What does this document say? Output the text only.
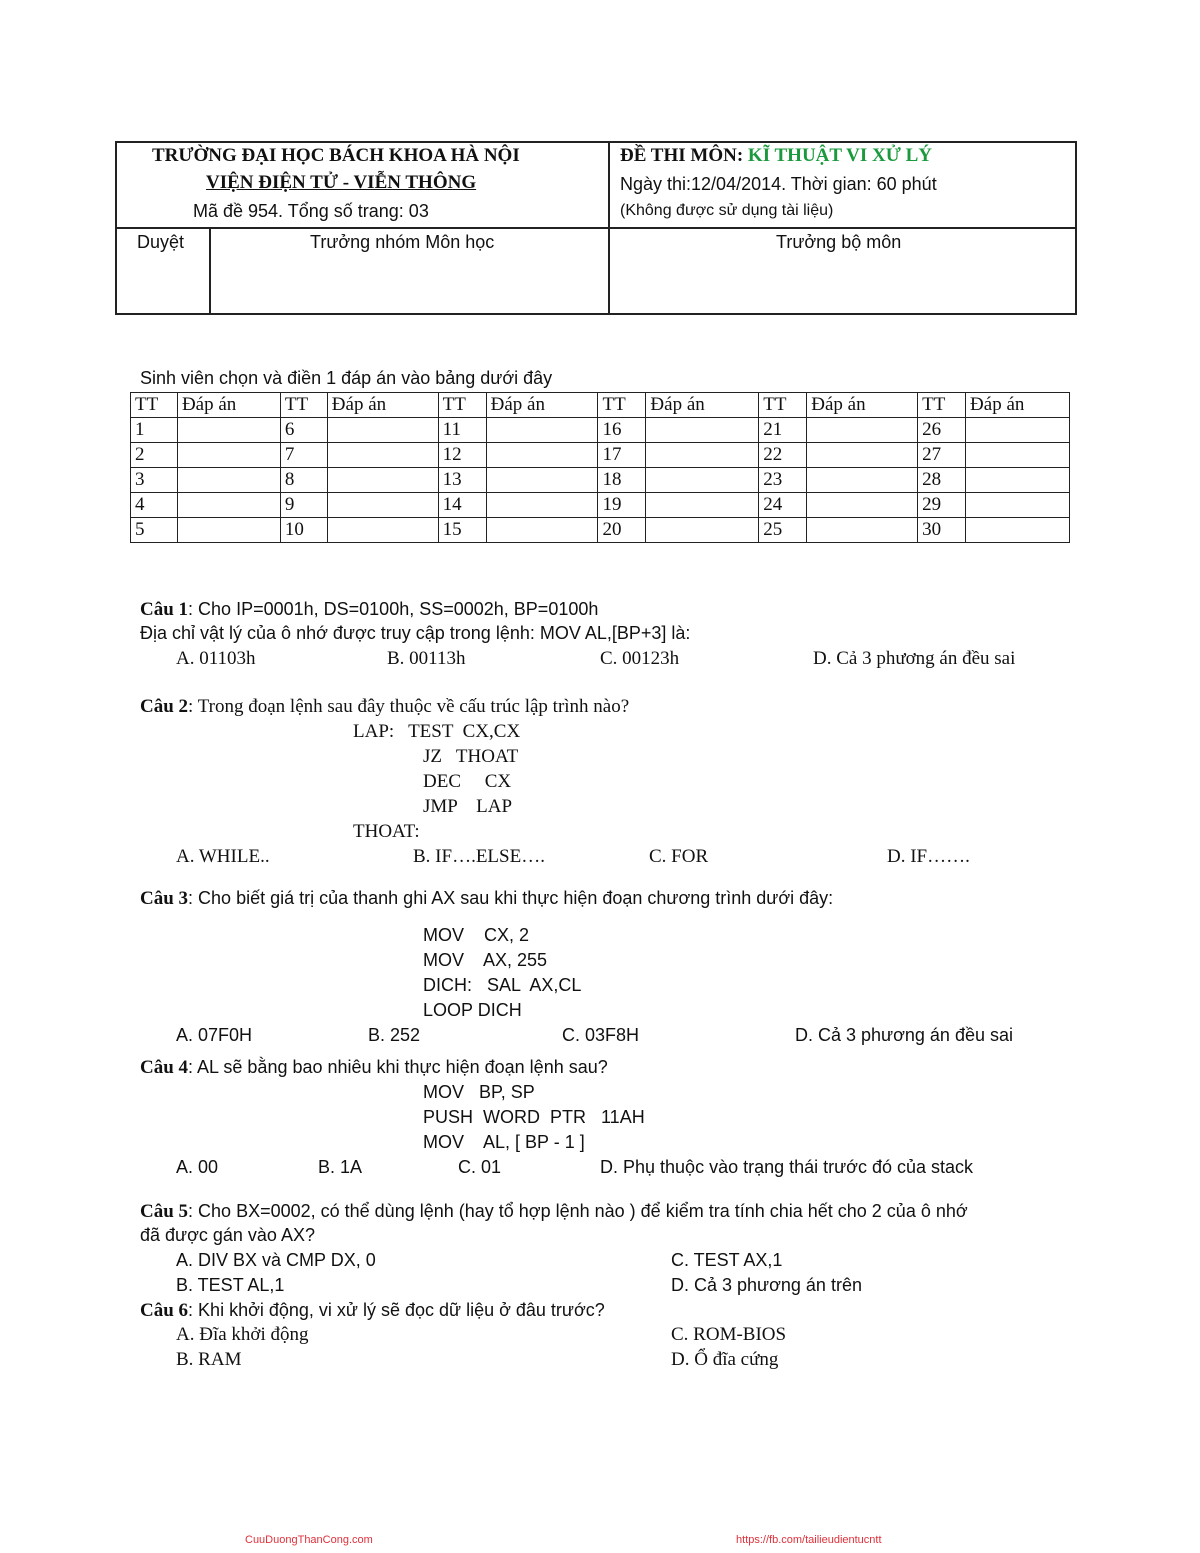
TRƯỜNG ĐẠI HỌC BÁCH KHOA HÀ NỘI
VIỆN ĐIỆN TỬ - VIỄN THÔNG
Mã đề 954. Tổng số trang: 03
ĐỀ THI MÔN: KĨ THUẬT VI XỬ LÝ
Ngày thi:12/04/2014. Thời gian: 60 phút
(Không được sử dụng tài liệu)
Duyệt	Trưởng nhóm Môn học	Trưởng bộ môn
Sinh viên chọn và điền 1 đáp án vào bảng dưới đây
TT	Đáp án	TT	Đáp án	TT	Đáp án	TT	Đáp án	TT	Đáp án	TT	Đáp án
1		6		11		16		21		26	
2		7		12		17		22		27	
3		8		13		18		23		28	
4		9		14		19		24		29	
5		10		15		20		25		30	
Câu 1: Cho IP=0001h, DS=0100h, SS=0002h, BP=0100h
Địa chỉ vật lý của ô nhớ được truy cập trong lệnh: MOV AL,[BP+3] là:
A. 01103h	B. 00113h	C. 00123h	D. Cả 3 phương án đều sai
Câu 2: Trong đoạn lệnh sau đây thuộc về cấu trúc lập trình nào?
LAP:   TEST  CX,CX
JZ   THOAT
DEC     CX
JMP    LAP
THOAT:
A. WHILE..	B. IF….ELSE….	C. FOR	D. IF…….
Câu 3: Cho biết giá trị của thanh ghi AX sau khi thực hiện đoạn chương trình dưới đây:
MOV    CX, 2
MOV    AX, 255
DICH:   SAL  AX,CL
LOOP DICH
A. 07F0H	B. 252	C. 03F8H	D. Cả 3 phương án đều sai
Câu 4: AL sẽ bằng bao nhiêu khi thực hiện đoạn lệnh sau?
MOV   BP, SP
PUSH  WORD  PTR   11AH
MOV    AL, [ BP - 1 ]
A. 00	B. 1A	C. 01	D. Phụ thuộc vào trạng thái trước đó của stack
Câu 5: Cho BX=0002, có thể dùng lệnh (hay tổ hợp lệnh nào ) để kiểm tra tính chia hết cho 2 của ô nhớ
đã được gán vào AX?
A. DIV BX và CMP DX, 0	C. TEST AX,1
B. TEST AL,1	D. Cả 3 phương án trên
Câu 6: Khi khởi động, vi xử lý sẽ đọc dữ liệu ở đâu trước?
A. Đĩa khởi động	C. ROM-BIOS
B. RAM	D. Ổ đĩa cứng
CuuDuongThanCong.com	https://fb.com/tailieudientucntt
